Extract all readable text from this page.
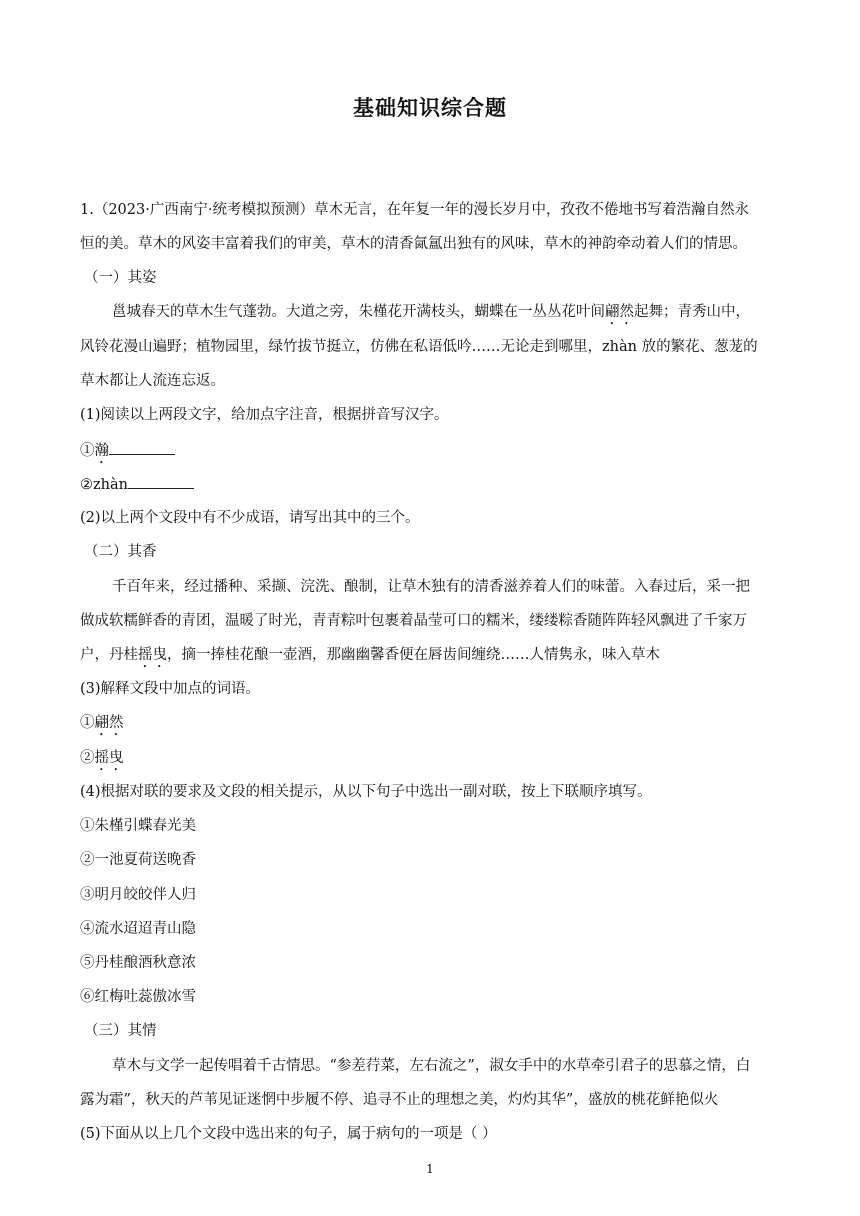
基础知识综合题
1.（2023·广西南宁·统考模拟预测）草木无言，在年复一年的漫长岁月中，孜孜不倦地书写着浩瀚自然永
恒的美。草木的风姿丰富着我们的审美，草木的清香氤氲出独有的风味，草木的神韵牵动着人们的情思。
（一）其姿
邕城春天的草木生气蓬勃。大道之旁，朱槿花开满枝头，蝴蝶在一丛丛花叶间翩然起舞；青秀山中，
风铃花漫山遍野；植物园里，绿竹拔节挺立，仿佛在私语低吟……无论走到哪里，zhàn 放的繁花、葱茏的
草木都让人流连忘返。
(1)阅读以上两段文字，给加点字注音，根据拼音写汉字。
①瀚
②zhàn
(2)以上两个文段中有不少成语，请写出其中的三个。
（二）其香
千百年来，经过播种、采撷、浣洗、酿制，让草木独有的清香滋养着人们的味蕾。入春过后，采一把
做成软糯鲜香的青团，温暖了时光，青青粽叶包裹着晶莹可口的糯米，缕缕粽香随阵阵轻风飘进了千家万
户，丹桂摇曳，摘一捧桂花酿一壶酒，那幽幽馨香便在唇齿间缠绕……人情隽永，味入草木
(3)解释文段中加点的词语。
①翩然
②摇曳
(4)根据对联的要求及文段的相关提示，从以下句子中选出一副对联，按上下联顺序填写。
①朱槿引蝶春光美
②一池夏荷送晚香
③明月皎皎伴人归
④流水迢迢青山隐
⑤丹桂酿酒秋意浓
⑥红梅吐蕊傲冰雪
（三）其情
草木与文学一起传唱着千古情思。“参差荇菜，左右流之”，淑女手中的水草牵引君子的思慕之情，白
露为霜”，秋天的芦苇见证迷惘中步履不停、追寻不止的理想之美，灼灼其华”，盛放的桃花鲜艳似火
(5)下面从以上几个文段中选出来的句子，属于病句的一项是（ ）
1
